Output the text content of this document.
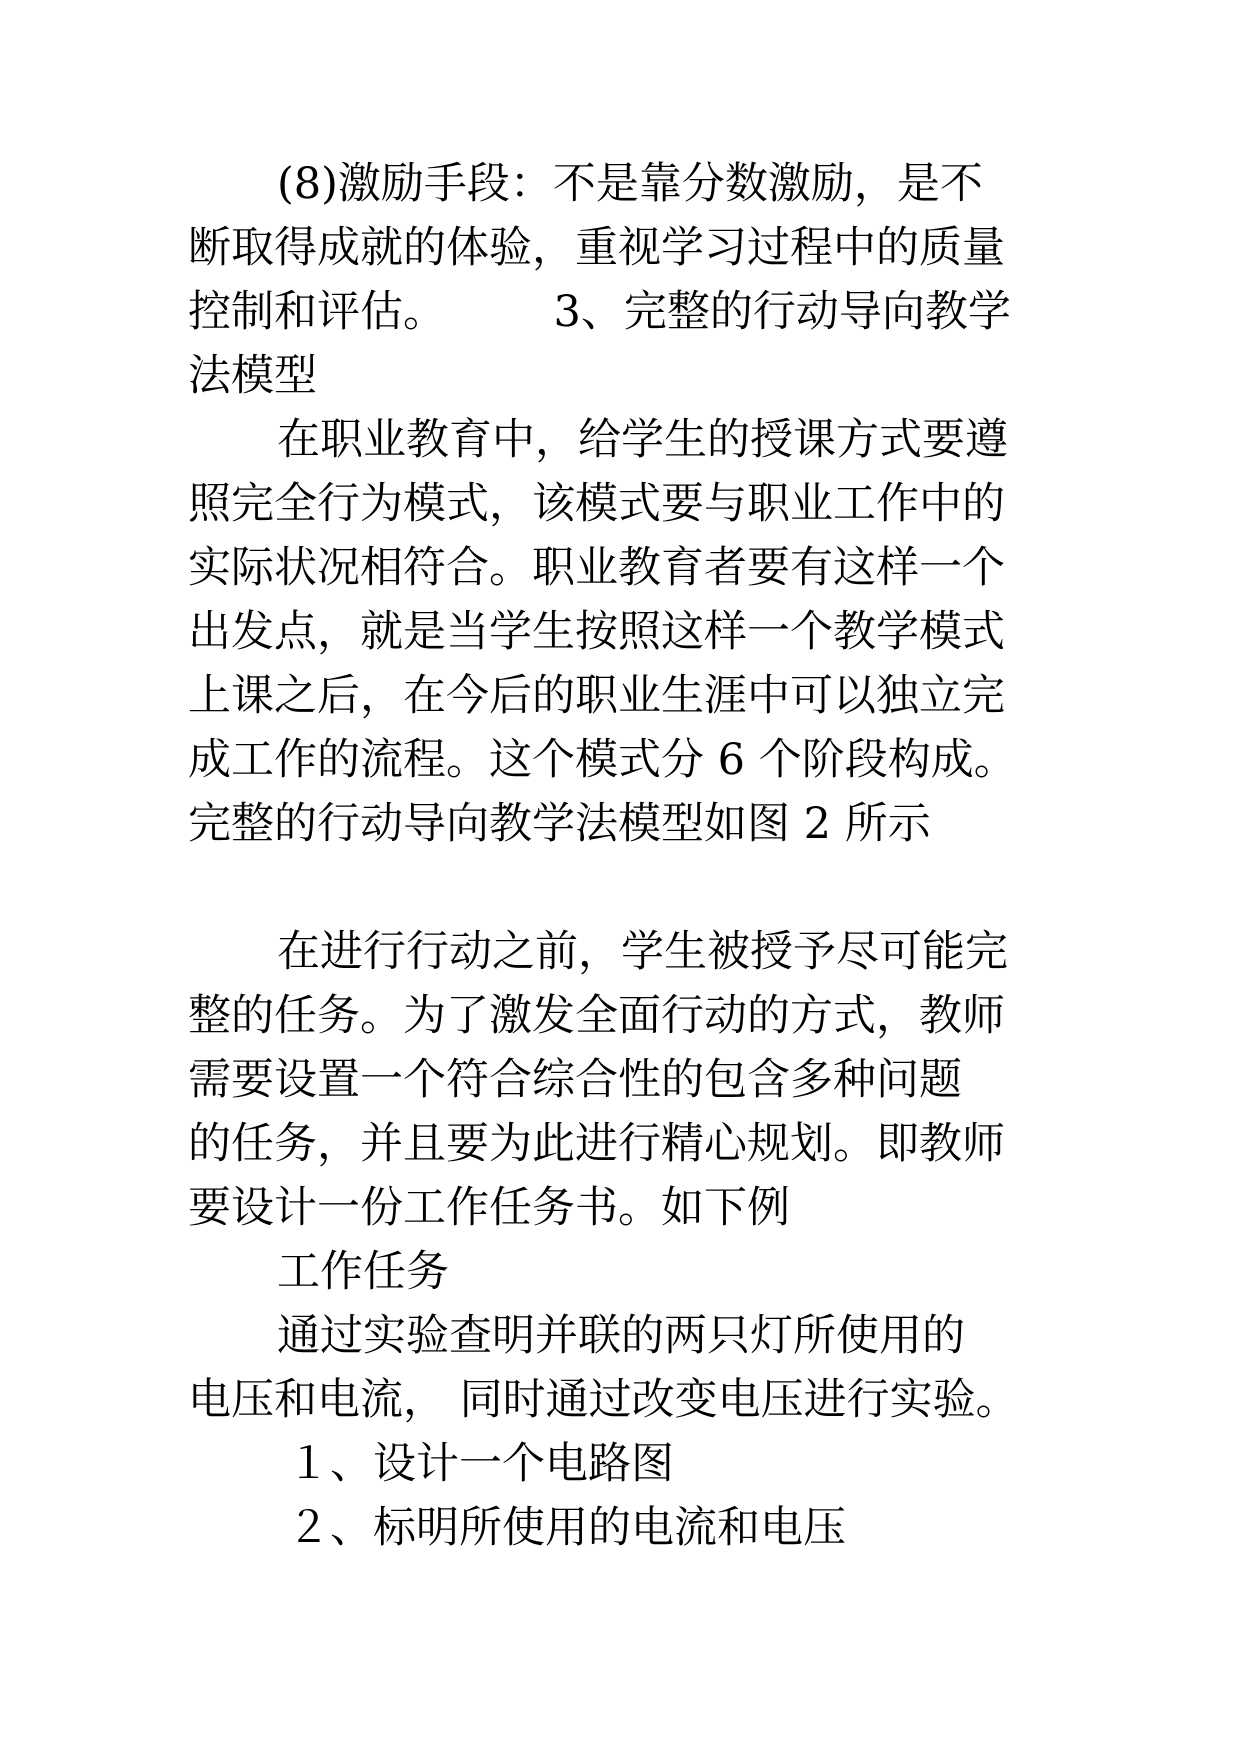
(8)激励手段：不是靠分数激励，是不
断取得成就的体验，重视学习过程中的质量
控制和评估。　　　3、完整的行动导向教学
法模型
在职业教育中，给学生的授课方式要遵
照完全行为模式，该模式要与职业工作中的
实际状况相符合。职业教育者要有这样一个
出发点，就是当学生按照这样一个教学模式
上课之后，在今后的职业生涯中可以独立完
成工作的流程。这个模式分 6 个阶段构成。
完整的行动导向教学法模型如图 2 所示
在进行行动之前，学生被授予尽可能完
整的任务。为了激发全面行动的方式，教师
需要设置一个符合综合性的包含多种问题
的任务，并且要为此进行精心规划。即教师
要设计一份工作任务书。如下例
工作任务
通过实验查明并联的两只灯所使用的
电压和电流， 同时通过改变电压进行实验。
１、设计一个电路图
２、标明所使用的电流和电压
